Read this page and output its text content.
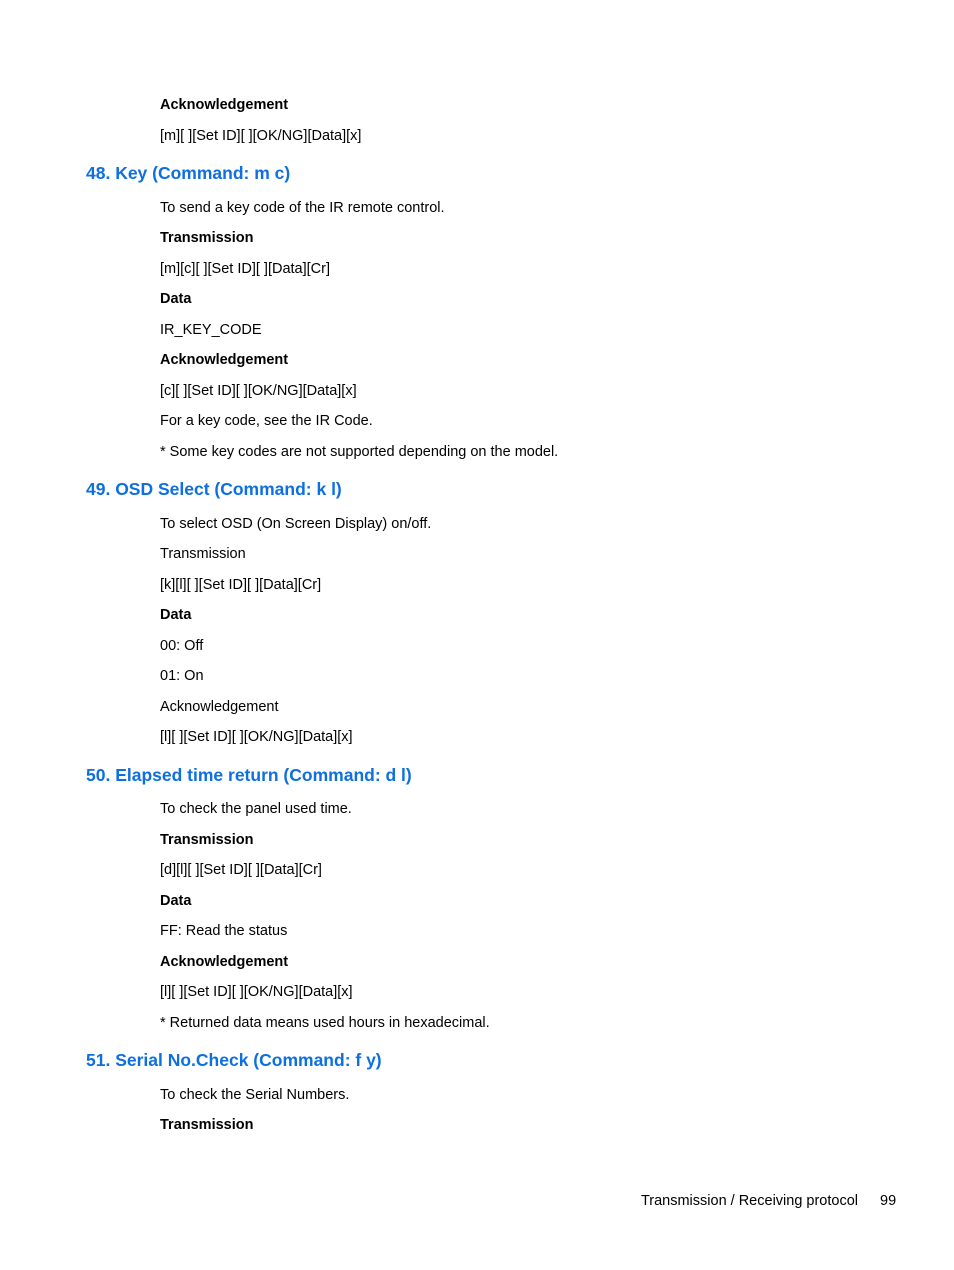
Acknowledgement
[m][ ][Set ID][ ][OK/NG][Data][x]
48. Key (Command: m c)
To send a key code of the IR remote control.
Transmission
[m][c][ ][Set ID][ ][Data][Cr]
Data
IR_KEY_CODE
Acknowledgement
[c][ ][Set ID][ ][OK/NG][Data][x]
For a key code, see the IR Code.
* Some key codes are not supported depending on the model.
49. OSD Select (Command: k l)
To select OSD (On Screen Display) on/off.
Transmission
[k][l][ ][Set ID][ ][Data][Cr]
Data
00: Off
01: On
Acknowledgement
[l][ ][Set ID][ ][OK/NG][Data][x]
50. Elapsed time return (Command: d l)
To check the panel used time.
Transmission
[d][l][ ][Set ID][ ][Data][Cr]
Data
FF: Read the status
Acknowledgement
[l][ ][Set ID][ ][OK/NG][Data][x]
* Returned data means used hours in hexadecimal.
51. Serial No.Check (Command: f y)
To check the Serial Numbers.
Transmission
Transmission / Receiving protocol 99
